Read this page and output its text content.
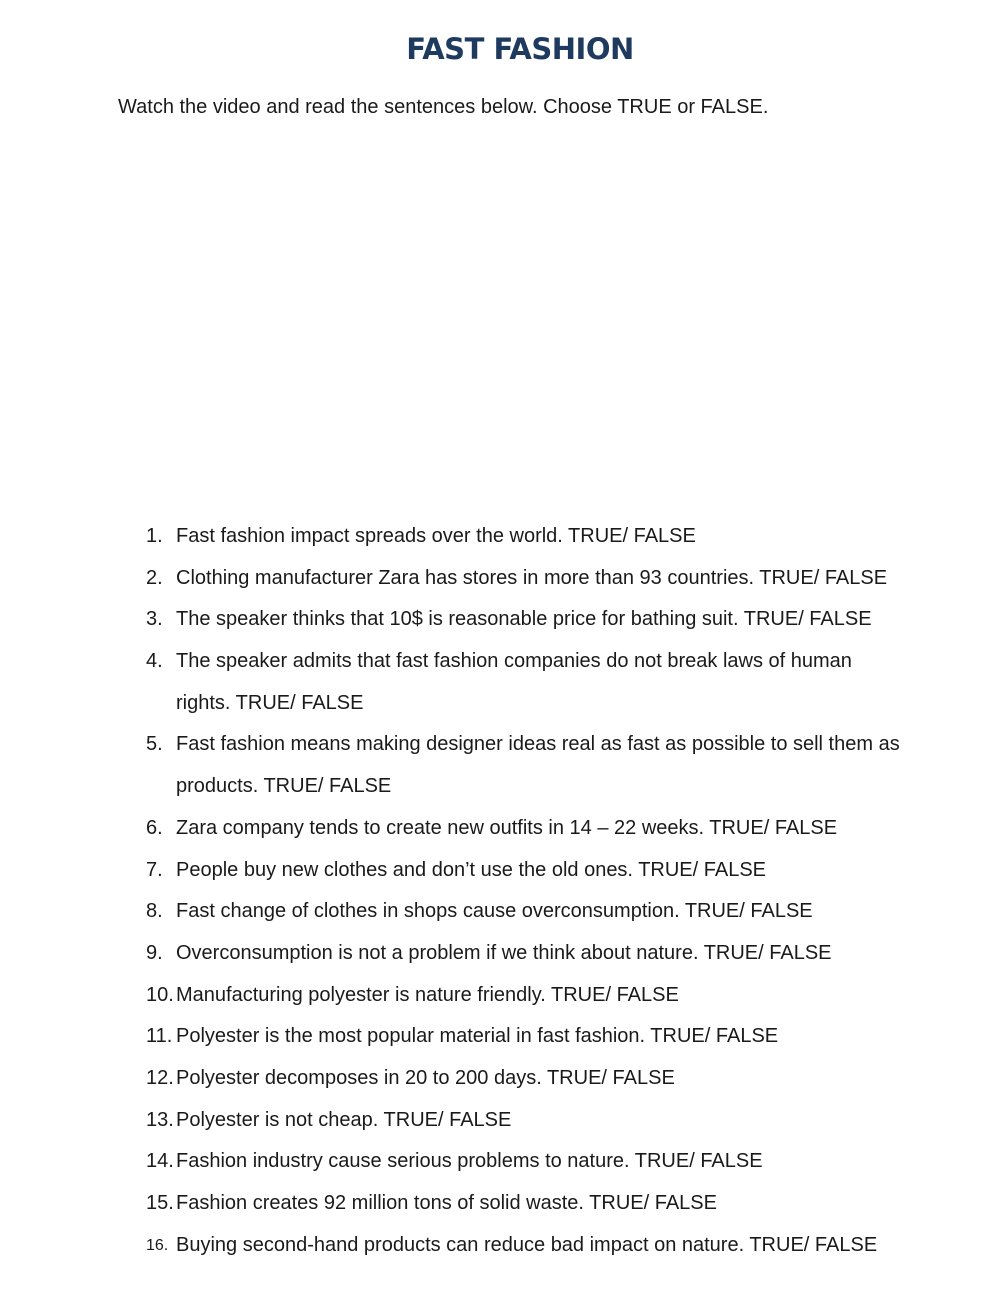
FAST FASHION
Watch the video and read the sentences below. Choose TRUE or FALSE.
1. Fast fashion impact spreads over the world. TRUE/ FALSE
2. Clothing manufacturer Zara has stores in more than 93 countries. TRUE/ FALSE
3. The speaker thinks that 10$ is reasonable price for bathing suit. TRUE/ FALSE
4. The speaker admits that fast fashion companies do not break laws of human
rights. TRUE/ FALSE
5. Fast fashion means making designer ideas real as fast as possible to sell them as
products. TRUE/ FALSE
6. Zara company tends to create new outfits in 14 – 22 weeks. TRUE/ FALSE
7. People buy new clothes and don’t use the old ones. TRUE/ FALSE
8. Fast change of clothes in shops cause overconsumption. TRUE/ FALSE
9. Overconsumption is not a problem if we think about nature. TRUE/ FALSE
10. Manufacturing polyester is nature friendly. TRUE/ FALSE
11. Polyester is the most popular material in fast fashion. TRUE/ FALSE
12. Polyester decomposes in 20 to 200 days. TRUE/ FALSE
13. Polyester is not cheap. TRUE/ FALSE
14. Fashion industry cause serious problems to nature. TRUE/ FALSE
15. Fashion creates 92 million tons of solid waste. TRUE/ FALSE
16. Buying second-hand products can reduce bad impact on nature. TRUE/ FALSE
